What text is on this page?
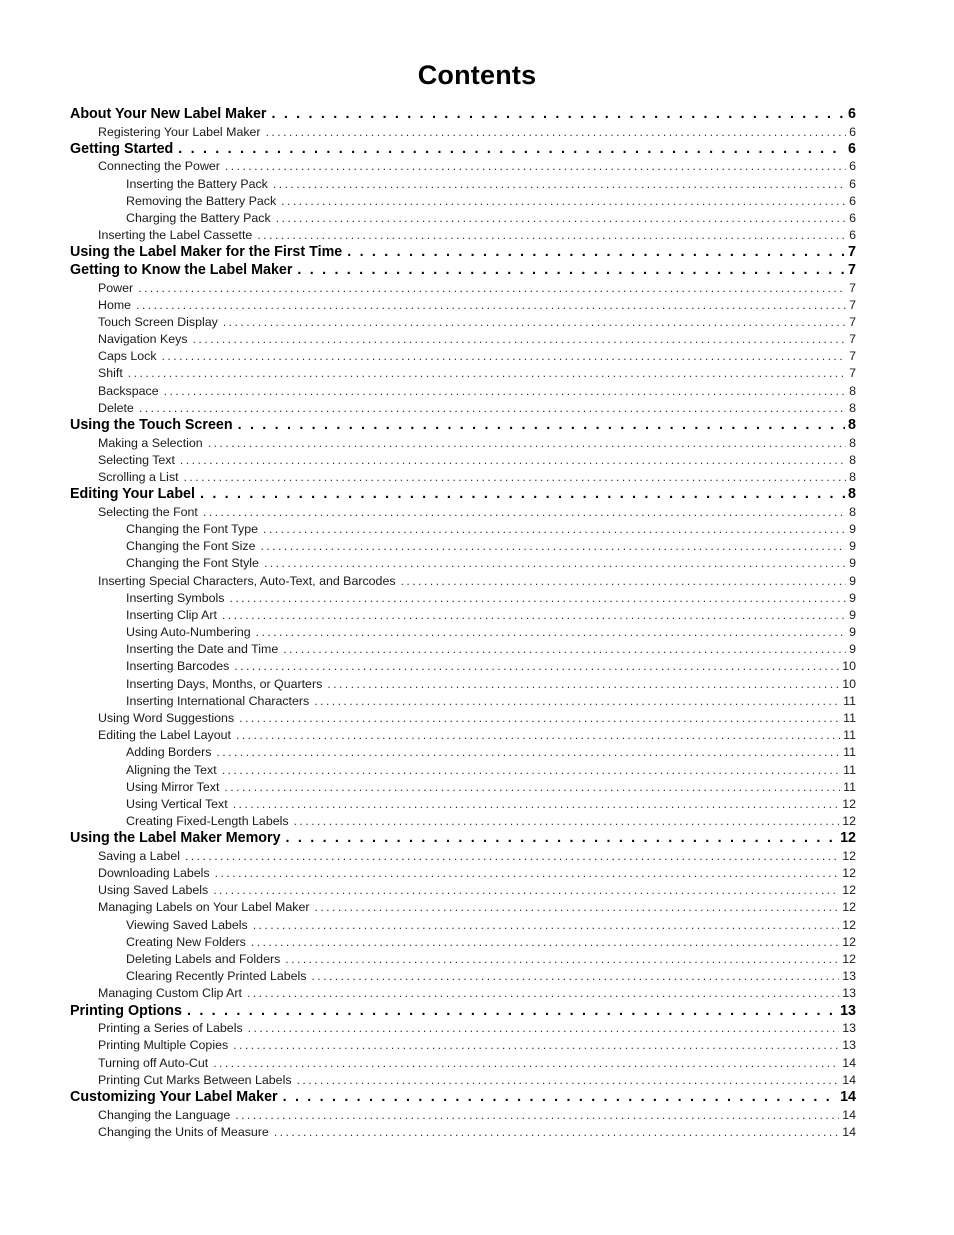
Contents
About Your New Label Maker . . .	6
Registering Your Label Maker .....	6
Getting Started . . .	6
Connecting the Power .....	6
Inserting the Battery Pack .....	6
Removing the Battery Pack .....	6
Charging the Battery Pack .....	6
Inserting the Label Cassette .....	6
Using the Label Maker for the First Time . . .	7
Getting to Know the Label Maker . . .	7
Power .....	7
Home .....	7
Touch Screen Display .....	7
Navigation Keys .....	7
Caps Lock .....	7
Shift .....	7
Backspace .....	8
Delete .....	8
Using the Touch Screen . . .	8
Making a Selection .....	8
Selecting Text .....	8
Scrolling a List .....	8
Editing Your Label . . .	8
Selecting the Font .....	8
Changing the Font Type .....	9
Changing the Font Size .....	9
Changing the Font Style .....	9
Inserting Special Characters, Auto-Text, and Barcodes .....	9
Inserting Symbols .....	9
Inserting Clip Art .....	9
Using Auto-Numbering .....	9
Inserting the Date and Time .....	9
Inserting Barcodes .....	10
Inserting Days, Months, or Quarters .....	10
Inserting International Characters .....	11
Using Word Suggestions .....	11
Editing the Label Layout .....	11
Adding Borders .....	11
Aligning the Text .....	11
Using Mirror Text .....	11
Using Vertical Text .....	12
Creating Fixed-Length Labels .....	12
Using the Label Maker Memory . . .	12
Saving a Label .....	12
Downloading Labels .....	12
Using Saved Labels .....	12
Managing Labels on Your Label Maker .....	12
Viewing Saved Labels .....	12
Creating New Folders .....	12
Deleting Labels and Folders .....	12
Clearing Recently Printed Labels .....	13
Managing Custom Clip Art .....	13
Printing Options . . .	13
Printing a Series of Labels .....	13
Printing Multiple Copies .....	13
Turning off Auto-Cut .....	14
Printing Cut Marks Between Labels .....	14
Customizing Your Label Maker . . .	14
Changing the Language .....	14
Changing the Units of Measure .....	14
